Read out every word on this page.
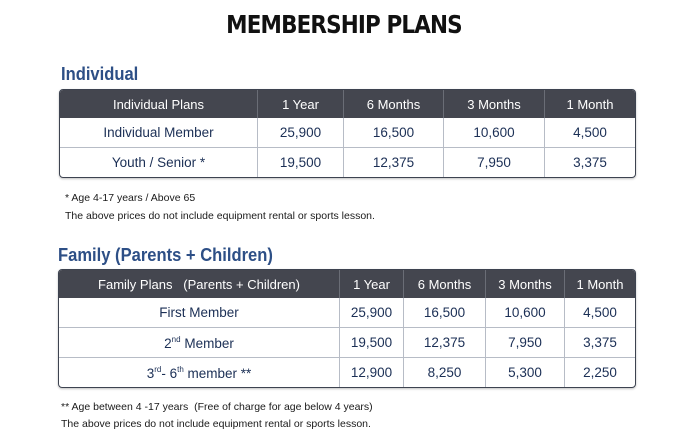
MEMBERSHIP PLANS
Individual
Individual Plans	1 Year	6 Months	3 Months	1 Month
Individual Member	25,900	16,500	10,600	4,500
Youth / Senior *	19,500	12,375	7,950	3,375
* Age 4-17 years / Above 65
The above prices do not include equipment rental or sports lesson.
Family (Parents + Children)
Family Plans   (Parents + Children)	1 Year	6 Months	3 Months	1 Month
First Member	25,900	16,500	10,600	4,500
2nd Member	19,500	12,375	7,950	3,375
3rd- 6th member **	12,900	8,250	5,300	2,250
** Age between 4 -17 years  (Free of charge for age below 4 years)
The above prices do not include equipment rental or sports lesson.
